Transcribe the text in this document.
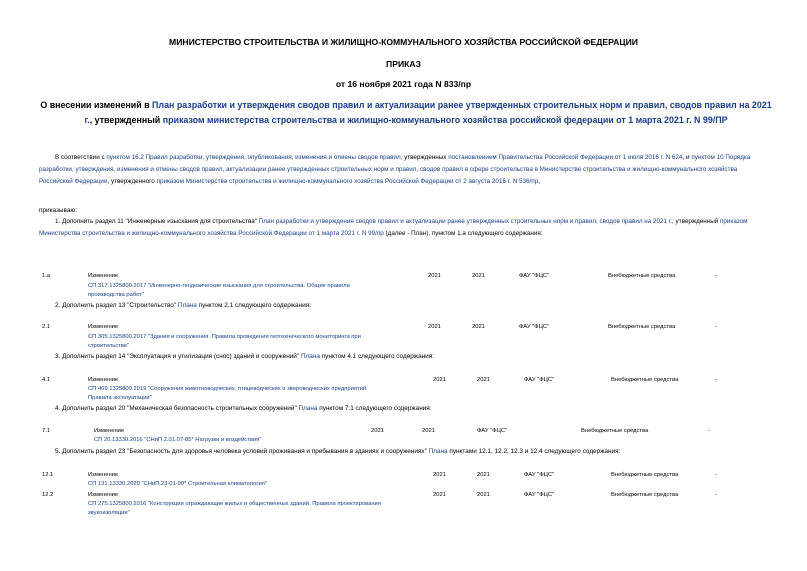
МИНИСТЕРСТВО СТРОИТЕЛЬСТВА И ЖИЛИЩНО-КОММУНАЛЬНОГО ХОЗЯЙСТВА РОССИЙСКОЙ ФЕДЕРАЦИИ
ПРИКАЗ
от 16 ноября 2021 года N 833/пр
О внесении изменений в План разработки и утверждения сводов правил и актуализации ранее утвержденных строительных норм и правил, сводов правил на 2021
г., утвержденный приказом министерства строительства и жилищно-коммунального хозяйства российской федерации от 1 марта 2021 г. N 99/ПР
В соответствии с пунктом 16.2 Правил разработки, утверждения, опубликования, изменения и отмены сводов правил, утвержденных постановлением Правительства Российской Федерации от 1 июля 2016 г. N 624, и пунктом 10 Порядка разработки, утверждения, изменения и отмены сводов правил, актуализации ранее утвержденных строительных норм и правил, сводов правил в сфере строительства в Министерстве строительства и жилищно-коммунального хозяйства Российской Федерации, утвержденного приказом Министерства строительства и жилищно-коммунального хозяйства Российской Федерации от 2 августа 2016 г. N 536/пр,
приказываю:
1. Дополнить раздел 11 "Инженерные изыскания для строительства" План разработки и утверждения сводов правил и актуализации ранее утвержденных строительных норм и правил, сводов правил на 2021 г., утвержденный приказом Министерства строительства и жилищно-коммунального хозяйства Российской Федерации от 1 марта 2021 г. N 99/пр (далее - План), пунктом 1.а следующего содержания:
1.а	Изменение
СП 317.1325800.2017 "Инженерно-геодезические изыскания для строительства. Общие правила
производства работ"
2021	2021	ФАУ "ФЦС"	Внебюджетные средства	-
2. Дополнить раздел 13 "Строительство" Плана пунктом 2.1 следующего содержания:
2.1	Изменение
СП 305.1325800.2017 "Здания и сооружения. Правила проведения геотехнического мониторинга при
строительстве"
2021	2021	ФАУ "ФЦС"	Внебюджетные средства	-
3. Дополнить раздел 14 "Эксплуатация и утилизация (снос) зданий и сооружений" Плана пунктом 4.1 следующего содержания:
4.1	Изменение
СП 469.1325800.2019 "Сооружения животноводческих, птицеводческих и звероводческих предприятий.
Правила эксплуатации"
2021	2021	ФАУ "ФЦС"	Внебюджетные средства	-
4. Дополнить раздел 20 "Механическая безопасность строительных сооружений" Плана пунктом 7.1 следующего содержания:
7.1	Изменение
СП 20.13330.2016 "СНиП 2.01.07-85* Нагрузки и воздействия"
2021	2021	ФАУ "ФЦС"	Внебюджетные средства	-
5. Дополнить раздел 23 "Безопасность для здоровья человека условий проживания и пребывания в зданиях и сооружениях" Плана пунктами 12.1, 12.2, 12.3 и 12.4 следующего содержания:
12.1	Изменение
СП 131.13330.2020 "СНиП 23-01-99* Строительная климатология"
2021	2021	ФАУ "ФЦС"	Внебюджетные средства	-
12.2	Изменение
СП 275.1325800.2016 "Конструкции ограждающие жилых и общественных зданий. Правила проектирования
звукоизоляции"
2021	2021	ФАУ "ФЦС"	Внебюджетные средства	-
